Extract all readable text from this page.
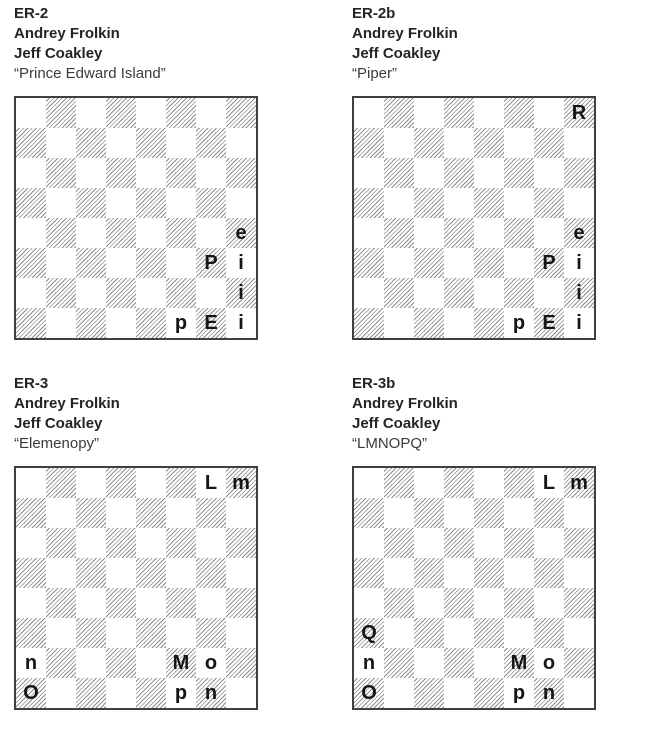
ER-2
Andrey Frolkin
Jeff Coakley
“Prince Edward Island”
e
P i
i
p E i
ER-2b
Andrey Frolkin
Jeff Coakley
“Piper”
R
e
P i
i
p E i
ER-3
Andrey Frolkin
Jeff Coakley
“Elemenopy”
L m
n	M o
O	p n
ER-3b
Andrey Frolkin
Jeff Coakley
“LMNOPQ”
L m
Q
n	M o
O	p n
